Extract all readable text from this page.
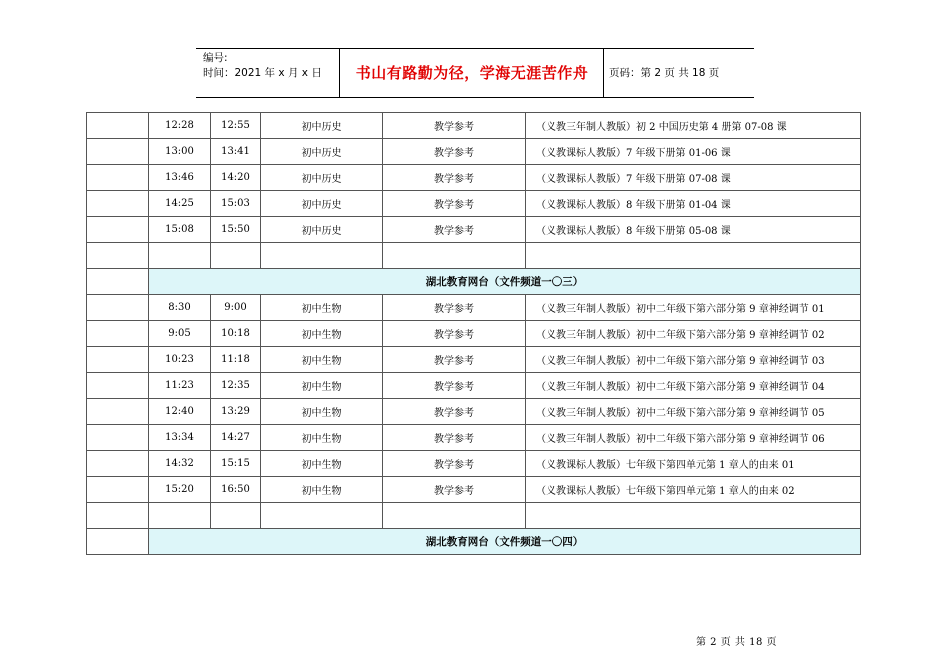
编号:
时间：2021 年 x 月 x 日	书山有路勤为径，学海无涯苦作舟	页码：第 2 页 共 18 页
	12:28	12:55	初中历史	教学参考	（义教三年制人教版）初 2 中国历史第 4 册第 07-08 课
	13:00	13:41	初中历史	教学参考	（义教课标人教版）7 年级下册第 01-06 课
	13:46	14:20	初中历史	教学参考	（义教课标人教版）7 年级下册第 07-08 课
	14:25	15:03	初中历史	教学参考	（义教课标人教版）8 年级下册第 01-04 课
	15:08	15:50	初中历史	教学参考	（义教课标人教版）8 年级下册第 05-08 课

	湖北教育网台（文件频道一〇三）				
	8:30	9:00	初中生物	教学参考	（义教三年制人教版）初中二年级下第六部分第 9 章神经调节 01
	9:05	10:18	初中生物	教学参考	（义教三年制人教版）初中二年级下第六部分第 9 章神经调节 02
	10:23	11:18	初中生物	教学参考	（义教三年制人教版）初中二年级下第六部分第 9 章神经调节 03
	11:23	12:35	初中生物	教学参考	（义教三年制人教版）初中二年级下第六部分第 9 章神经调节 04
	12:40	13:29	初中生物	教学参考	（义教三年制人教版）初中二年级下第六部分第 9 章神经调节 05
	13:34	14:27	初中生物	教学参考	（义教三年制人教版）初中二年级下第六部分第 9 章神经调节 06
	14:32	15:15	初中生物	教学参考	（义教课标人教版）七年级下第四单元第 1 章人的由来 01
	15:20	16:50	初中生物	教学参考	（义教课标人教版）七年级下第四单元第 1 章人的由来 02

	湖北教育网台（文件频道一〇四）				
第 2 页 共 18 页
